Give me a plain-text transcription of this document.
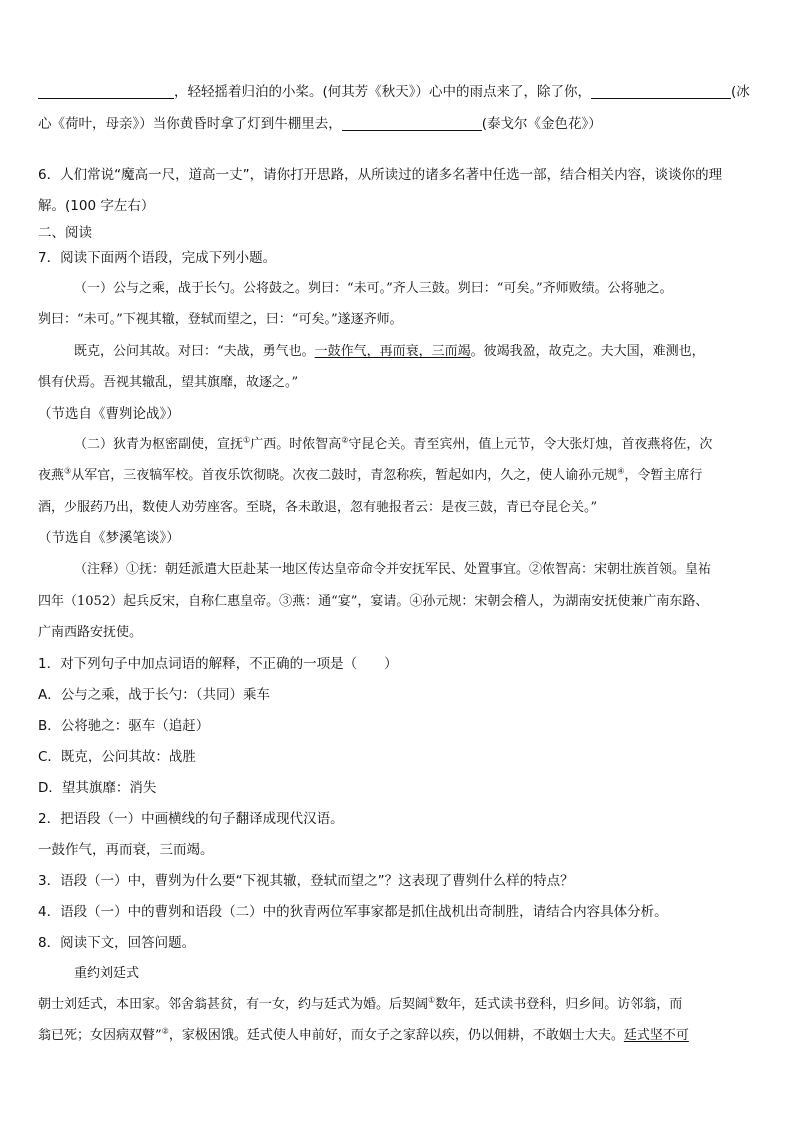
，轻轻摇着归泊的小桨。(何其芳《秋天》）心中的雨点来了，除了你，	(冰
心《荷叶，母亲》）当你黄昏时拿了灯到牛棚里去，	(泰戈尔《金色花》）
6．人们常说“魔高一尺，道高一丈”，请你打开思路，从所读过的诸多名著中任选一部，结合相关内容，谈谈你的理
解。(100 字左右）
二、阅读
7．阅读下面两个语段，完成下列小题。
（一）公与之乘，战于长勺。公将鼓之。刿曰：“未可。”齐人三鼓。刿曰：“可矣。”齐师败绩。公将驰之。
刿曰：“未可。”下视其辙，登轼而望之，曰：“可矣。”遂逐齐师。
既克，公问其故。对曰：“夫战，勇气也。一鼓作气，再而衰，三而竭。彼竭我盈，故克之。夫大国，难测也，
惧有伏焉。吾视其辙乱，望其旗靡，故逐之。”
（节选自《曹刿论战》）
（二）狄青为枢密副使，宣抚①广西。时侬智高②守昆仑关。青至宾州，值上元节，令大张灯烛，首夜燕将佐，次
夜燕③从军官，三夜犒军校。首夜乐饮彻晓。次夜二鼓时，青忽称疾，暂起如内，久之，使人谕孙元规④，令暂主席行
酒，少服药乃出，数使人劝劳座客。至晓，各未敢退，忽有驰报者云：是夜三鼓，青已夺昆仑关。”
（节选自《梦溪笔谈》）
（注释）①抚：朝廷派遣大臣赴某一地区传达皇帝命令并安抚军民、处置事宜。②侬智高：宋朝壮族首领。皇祐
四年（1052）起兵反宋，自称仁惠皇帝。③燕：通“宴”，宴请。④孙元规：宋朝会稽人，为湖南安抚使兼广南东路、
广南西路安抚使。
1．对下列句子中加点词语的解释，不正确的一项是（　　）
A．公与之乘，战于长勺：（共同）乘车
B．公将驰之：驱车（追赶）
C．既克，公问其故：战胜
D．望其旗靡：消失
2．把语段（一）中画横线的句子翻译成现代汉语。
一鼓作气，再而衰，三而竭。
3．语段（一）中，曹刿为什么要“下视其辙，登轼而望之”？这表现了曹刿什么样的特点？
4．语段（一）中的曹刿和语段（二）中的狄青两位军事家都是抓住战机出奇制胜，请结合内容具体分析。
8．阅读下文，回答问题。
重约刘廷式
朝士刘廷式，本田家。邻舍翁甚贫，有一女，约与廷式为婚。后契阔①数年，廷式读书登科，归乡间。访邻翁，而
翁已死；女因病双瞽”②，家极困饿。廷式使人申前好，而女子之家辞以疾，仍以佣耕，不敢姻士大夫。廷式坚不可
